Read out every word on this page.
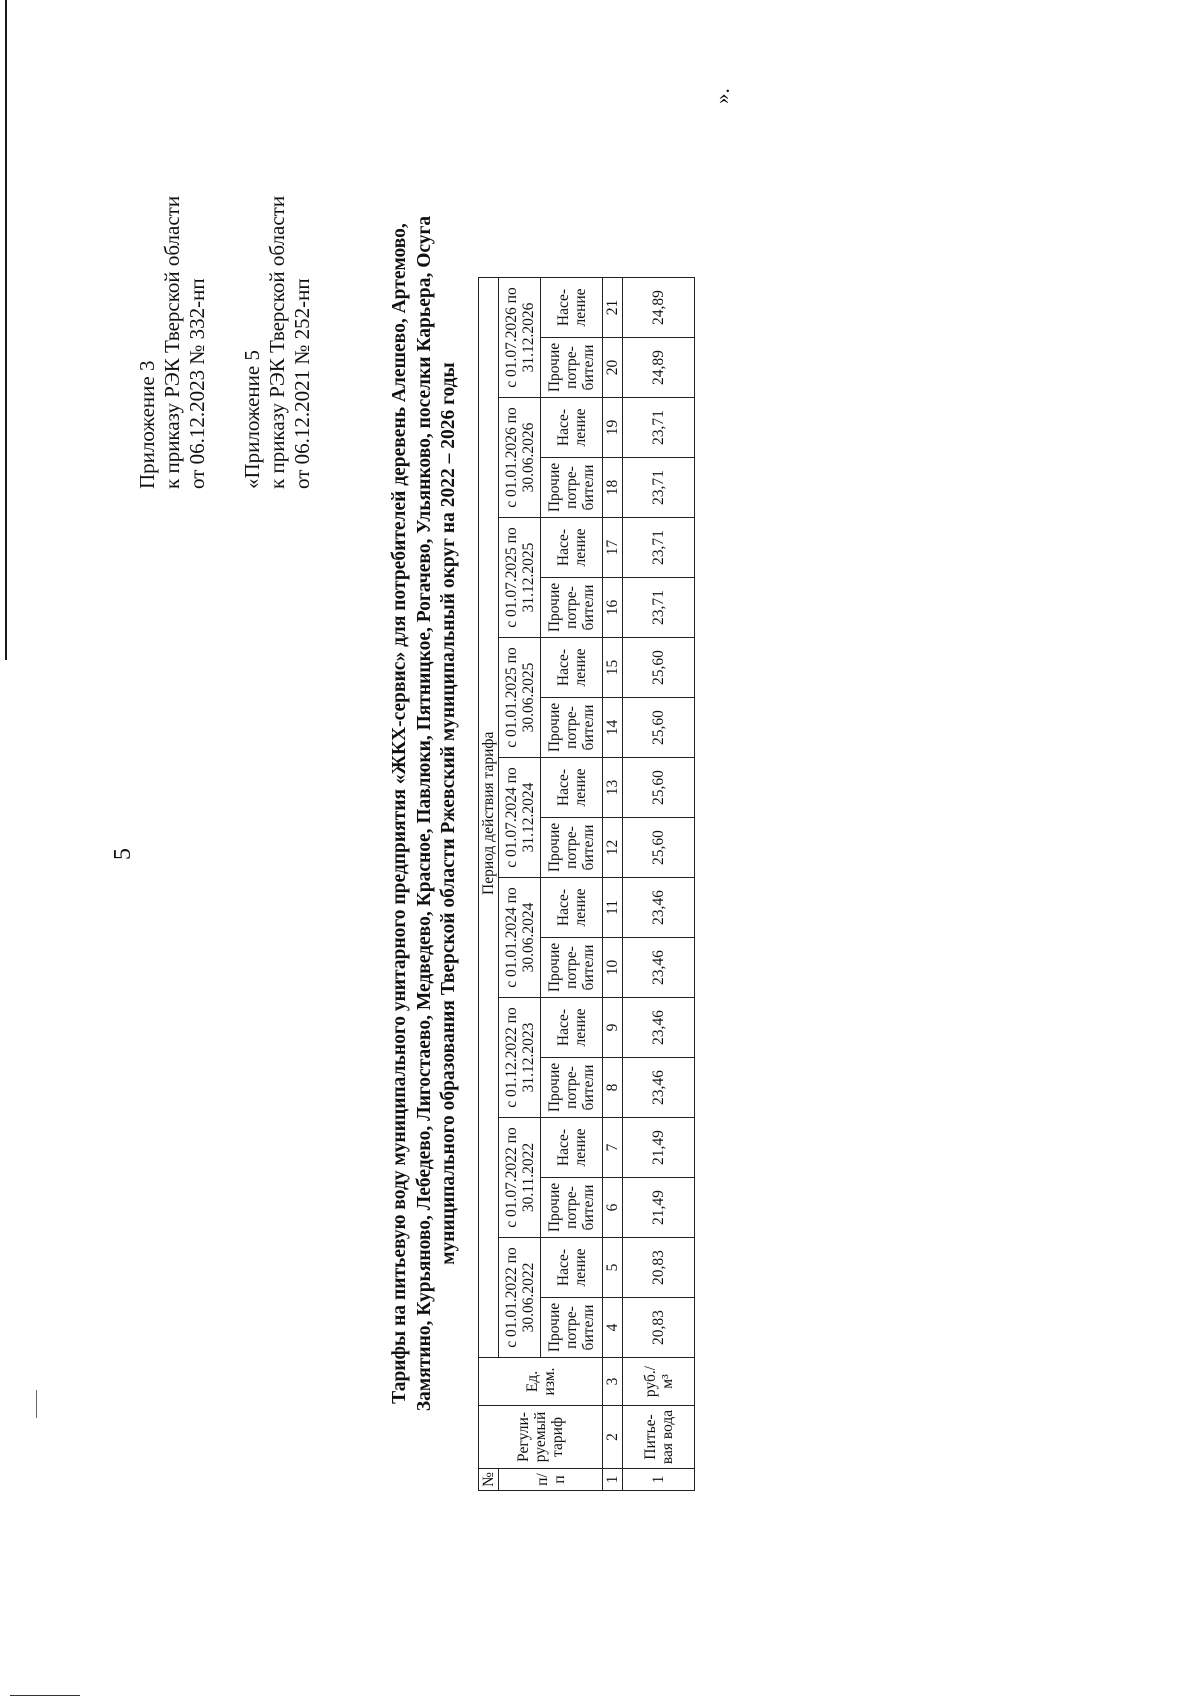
5
Приложение 3 к приказу РЭК Тверской области от 06.12.2023 № 332-нп «Приложение 5 к приказу РЭК Тверской области от 06.12.2021 № 252-нп	Тарифы на питьевую воду муниципального унитарного предприятия «ЖКХ-сервис» для потребителей деревень Алешево, Артемово, Замятино, Курьяново, Лебедево, Лигостаево, Медведево, Красное, Павлюки, Пятницкое, Рогачево, Ульянково, поселки Карьера, Осуга муниципального образования Тверской области Ржевский муниципальный округ на 2022 – 2026 годы
№	Регули-руемый тариф	Ед. изм.	Период действия тарифа																	
п/п			с 01.01.2022 по 30.06.2022		с 01.07.2022 по 30.11.2022		с 01.12.2022 по 31.12.2023		с 01.01.2024 по 30.06.2024		с 01.07.2024 по 31.12.2024		с 01.01.2025 по 30.06.2025		с 01.07.2025 по 31.12.2025		с 01.01.2026 по 30.06.2026		с 01.07.2026 по 31.12.2026	
			Прочие потре-бители	Насе-ление	Прочие потре-бители	Насе-ление	Прочие потре-бители	Насе-ление	Прочие потре-бители	Насе-ление	Прочие потре-бители	Насе-ление	Прочие потре-бители	Насе-ление	Прочие потре-бители	Насе-ление	Прочие потре-бители	Насе-ление	Прочие потре-бители	Насе-ление
1	2	3	4	5	6	7	8	9	10	11	12	13	14	15	16	17	18	19	20	21
1	Питье-вая вода	руб./м³	20,83	20,83	21,49	21,49	23,46	23,46	23,46	23,46	25,60	25,60	25,60	25,60	23,71	23,71	23,71	23,71	24,89	24,89
».
